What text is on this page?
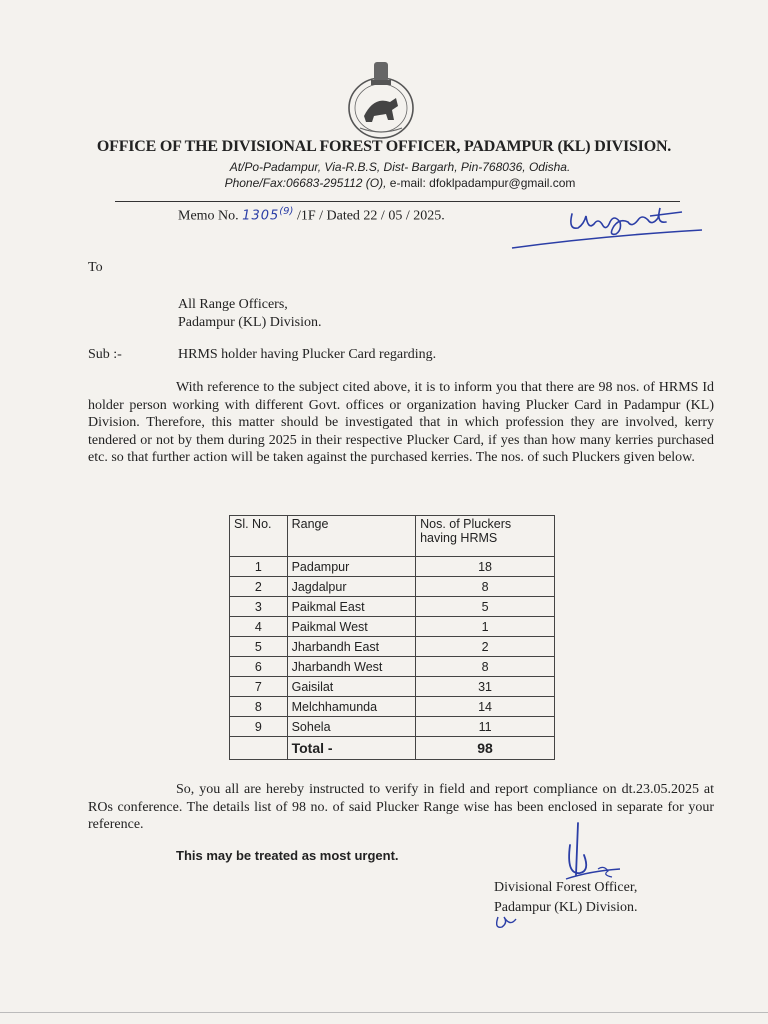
OFFICE OF THE DIVISIONAL FOREST OFFICER, PADAMPUR (KL) DIVISION.
At/Po-Padampur, Via-R.B.S, Dist- Bargarh, Pin-768036, Odisha.
Phone/Fax:06683-295112 (O), e-mail: dfoklpadampur@gmail.com
Memo No. 1305$^{(9)}$ /1F / Dated 22 / 05 / 2025.
To
All Range Officers,
Padampur (KL) Division.
Sub :-	HRMS holder having Plucker Card regarding.
With reference to the subject cited above, it is to inform you that there are 98 nos. of HRMS Id holder person working with different Govt. offices or organization having Plucker Card in Padampur (KL) Division. Therefore, this matter should be investigated that in which profession they are involved, kerry tendered or not by them during 2025 in their respective Plucker Card, if yes than how many kerries purchased etc. so that further action will be taken against the purchased kerries. The nos. of such Pluckers given below.
Sl. No.	Range	Nos. of Pluckers having HRMS
1	Padampur	18
2	Jagdalpur	8
3	Paikmal East	5
4	Paikmal West	1
5	Jharbandh East	2
6	Jharbandh West	8
7	Gaisilat	31
8	Melchhamunda	14
9	Sohela	11
	Total -	98
So, you all are hereby instructed to verify in field and report compliance on dt.23.05.2025 at ROs conference. The details list of 98 no. of said Plucker Range wise has been enclosed in separate for your reference.
This may be treated as most urgent.
Divisional Forest Officer,
Padampur (KL) Division.
